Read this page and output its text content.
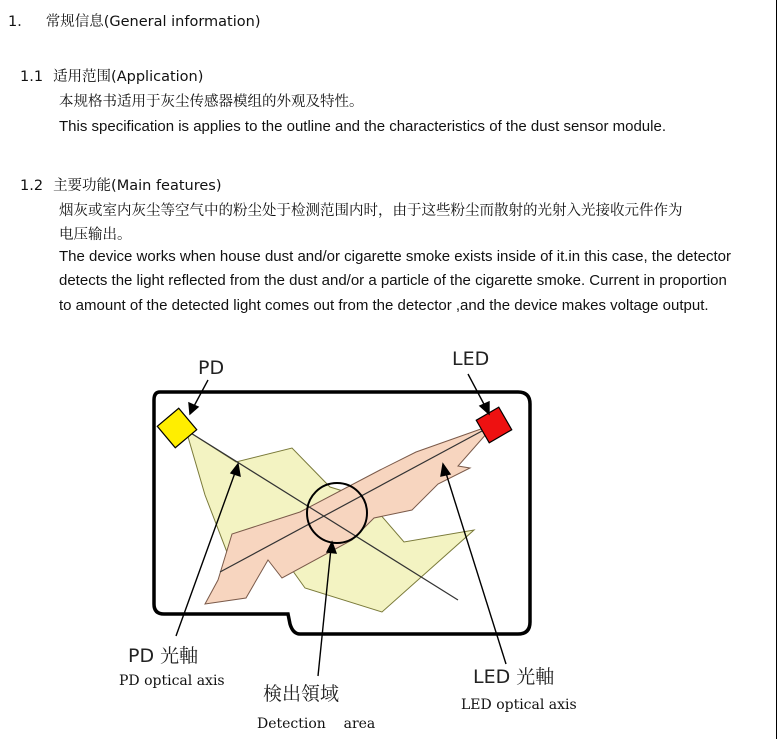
1． 常规信息(General information)
1.1 适用范围(Application)
本规格书适用于灰尘传感器模组的外观及特性。
This specification is applies to the outline and the characteristics of the dust sensor module.
1.2 主要功能(Main features)
烟灰或室内灰尘等空气中的粉尘处于检测范围内时，由于这些粉尘而散射的光射入光接收元件作为
电压输出。
The device works when house dust and/or cigarette smoke exists inside of it.in this case, the detector
detects the light reflected from the dust and/or a particle of the cigarette smoke. Current in proportion
to amount of the detected light comes out from the detector ,and the device makes voltage output.
PD	LED
PD 光軸
PD optical axis
検出領域
Detection    area
LED 光軸
LED optical axis
